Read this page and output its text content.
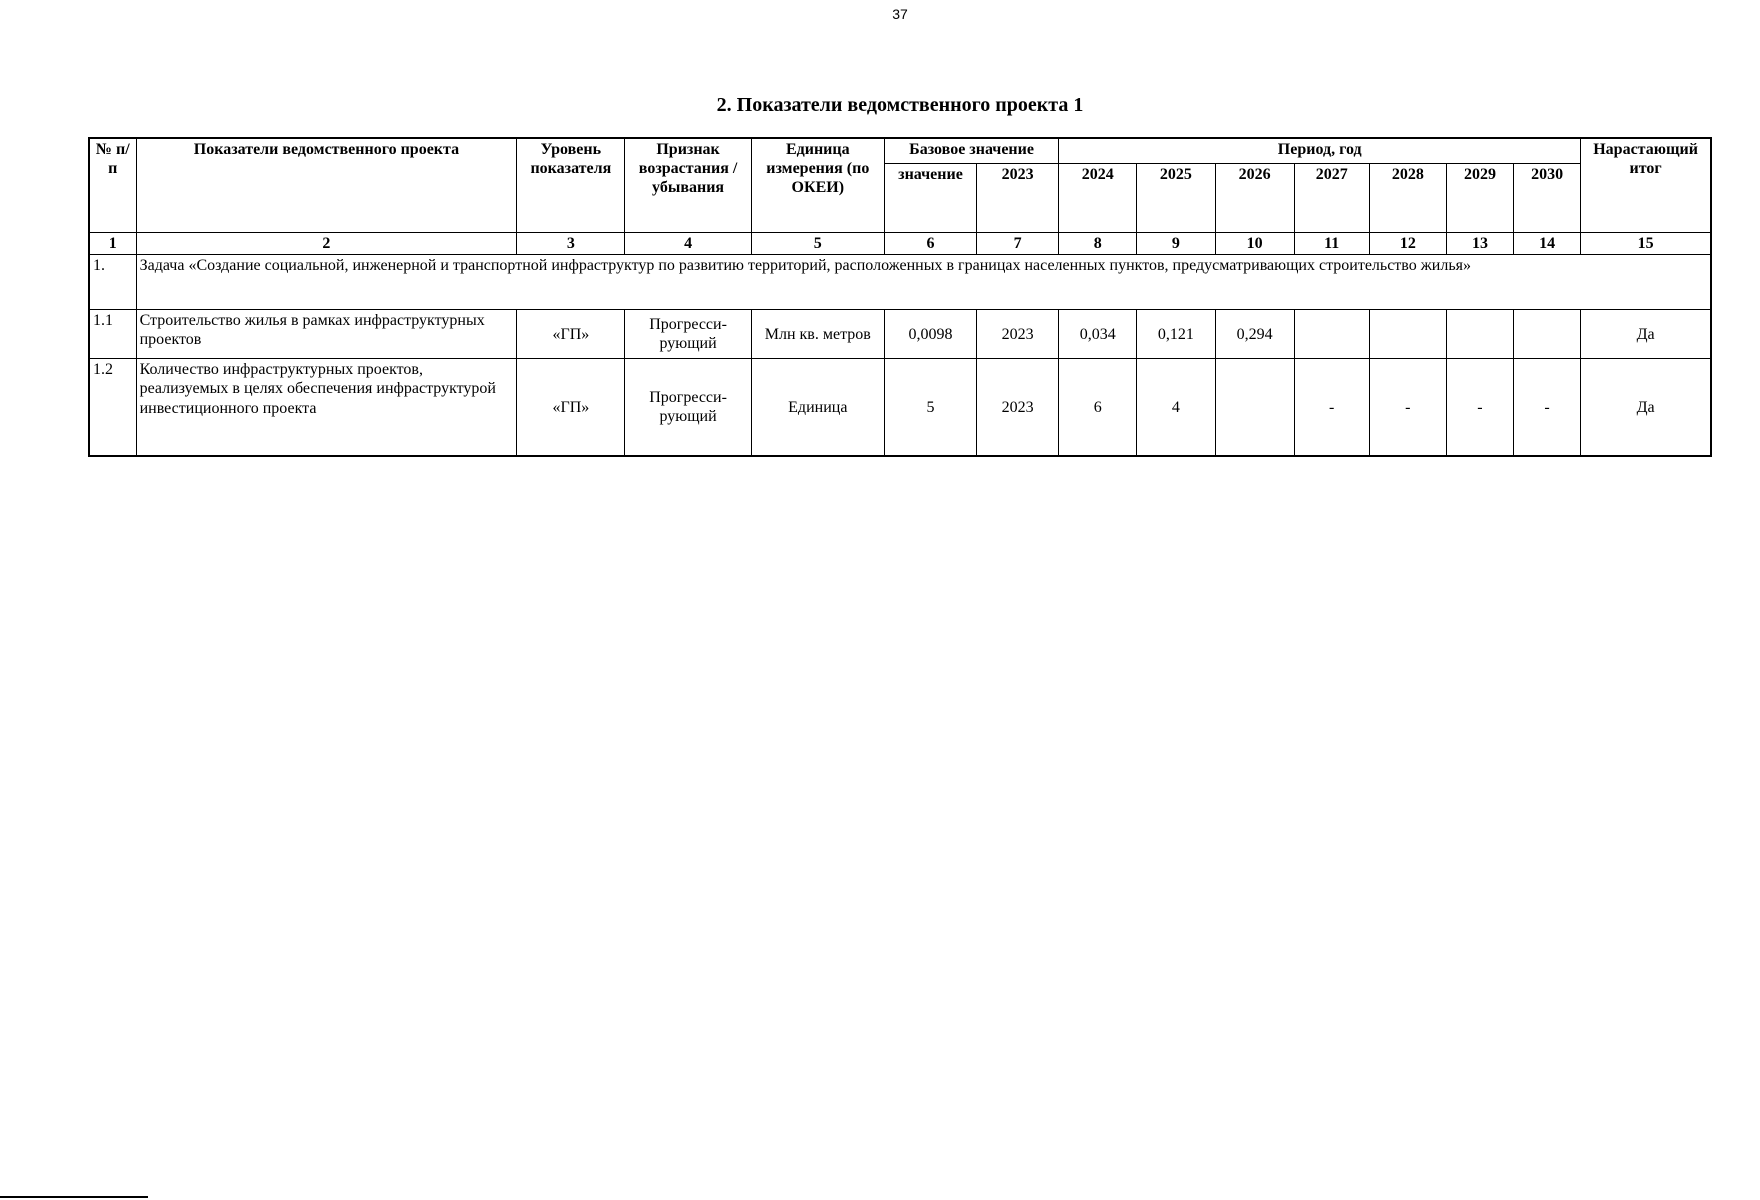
37
2. Показатели ведомственного проекта 1
№ п/п	Показатели ведомственного проекта	Уровень показателя	Признак возрастания / убывания	Единица измерения (по ОКЕИ)	Базовое значение		Период, год							Нарастающий итог
					значение	2023	2024	2025	2026	2027	2028	2029	2030	
1	2	3	4	5	6	7	8	9	10	11	12	13	14	15
1.	Задача «Создание социальной, инженерной и транспортной инфраструктур по развитию территорий, расположенных в границах населенных пунктов, предусматривающих строительство жилья»													
1.1	Строительство жилья в рамках инфраструктурных проектов	«ГП»	Прогресси-рующий	Млн кв. метров	0,0098	2023	0,034	0,121	0,294					Да
1.2	Количество инфраструктурных проектов, реализуемых в целях обеспечения инфраструктурой инвестиционного проекта	«ГП»	Прогресси-рующий	Единица	5	2023	6	4		-	-	-	-	Да
